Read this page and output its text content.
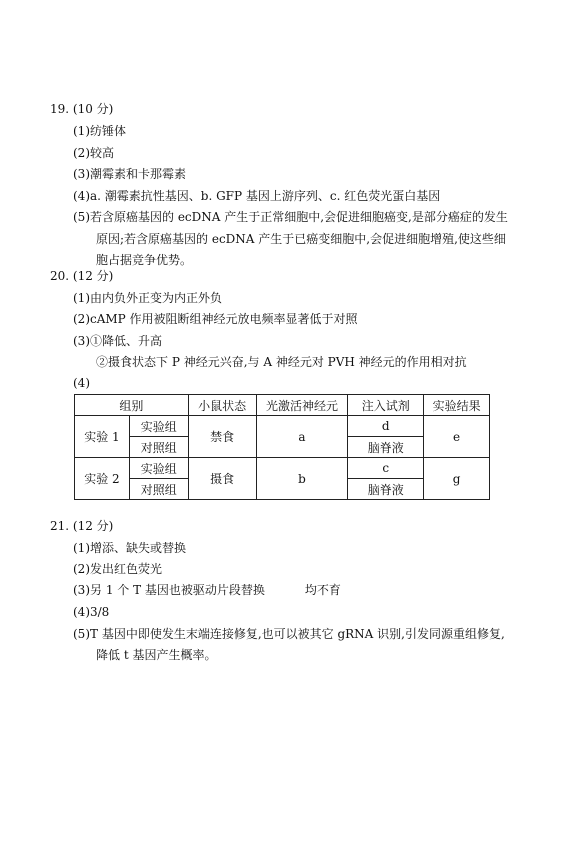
19. (10 分)
(1)纺锤体
(2)较高
(3)潮霉素和卡那霉素
(4)a. 潮霉素抗性基因、b. GFP 基因上游序列、c. 红色荧光蛋白基因
(5)若含原癌基因的 ecDNA 产生于正常细胞中,会促进细胞癌变,是部分癌症的发生
原因;若含原癌基因的 ecDNA 产生于已癌变细胞中,会促进细胞增殖,使这些细
胞占据竞争优势。
20. (12 分)
(1)由内负外正变为内正外负
(2)cAMP 作用被阻断组神经元放电频率显著低于对照
(3)①降低、升高
②摄食状态下 P 神经元兴奋,与 A 神经元对 PVH 神经元的作用相对抗
(4)
组别		小鼠状态	光激活神经元	注入试剂	实验结果
实验 1	实验组	禁食	a	d	e
	对照组			脑脊液	
实验 2	实验组	摄食	b	c	g
	对照组			脑脊液	
21. (12 分)
(1)增添、缺失或替换
(2)发出红色荧光
(3)另 1 个 T 基因也被驱动片段替换	均不育
(4)3/8
(5)T 基因中即使发生末端连接修复,也可以被其它 gRNA 识别,引发同源重组修复,
降低 t 基因产生概率。
